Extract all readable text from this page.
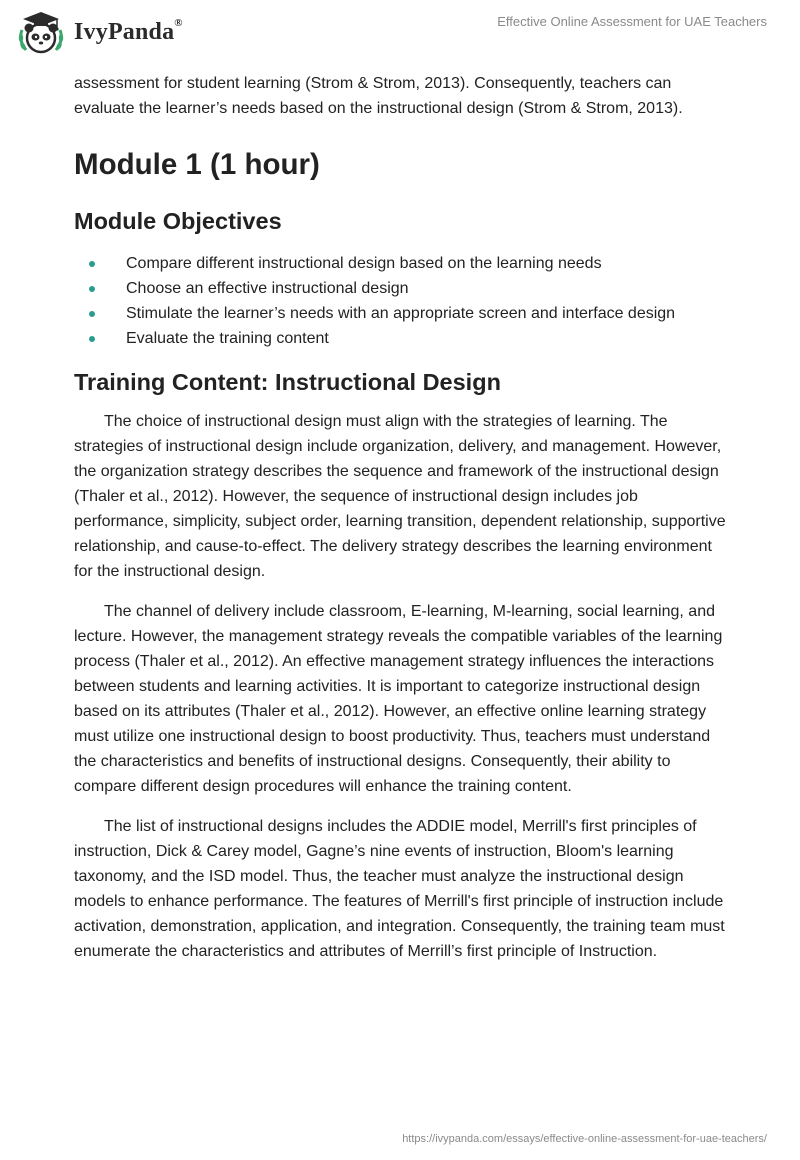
IvyPanda®	Effective Online Assessment for UAE Teachers

assessment for student learning (Strom & Strom, 2013). Consequently, teachers can evaluate the learner’s needs based on the instructional design (Strom & Strom, 2013).

Module 1 (1 hour)
Module Objectives
Compare different instructional design based on the learning needs
Choose an effective instructional design
Stimulate the learner’s needs with an appropriate screen and interface design
Evaluate the training content
Training Content: Instructional Design

The choice of instructional design must align with the strategies of learning. The strategies of instructional design include organization, delivery, and management. However, the organization strategy describes the sequence and framework of the instructional design (Thaler et al., 2012). However, the sequence of instructional design includes job performance, simplicity, subject order, learning transition, dependent relationship, supportive relationship, and cause-to-effect. The delivery strategy describes the learning environment for the instructional design.

The channel of delivery include classroom, E-learning, M-learning, social learning, and lecture. However, the management strategy reveals the compatible variables of the learning process (Thaler et al., 2012). An effective management strategy influences the interactions between students and learning activities. It is important to categorize instructional design based on its attributes (Thaler et al., 2012). However, an effective online learning strategy must utilize one instructional design to boost productivity. Thus, teachers must understand the characteristics and benefits of instructional designs. Consequently, their ability to compare different design procedures will enhance the training content.

The list of instructional designs includes the ADDIE model, Merrill's first principles of instruction, Dick & Carey model, Gagne’s nine events of instruction, Bloom's learning taxonomy, and the ISD model. Thus, the teacher must analyze the instructional design models to enhance performance. The features of Merrill's first principle of instruction include activation, demonstration, application, and integration. Consequently, the training team must enumerate the characteristics and attributes of Merrill’s first principle of Instruction.

https://ivypanda.com/essays/effective-online-assessment-for-uae-teachers/
